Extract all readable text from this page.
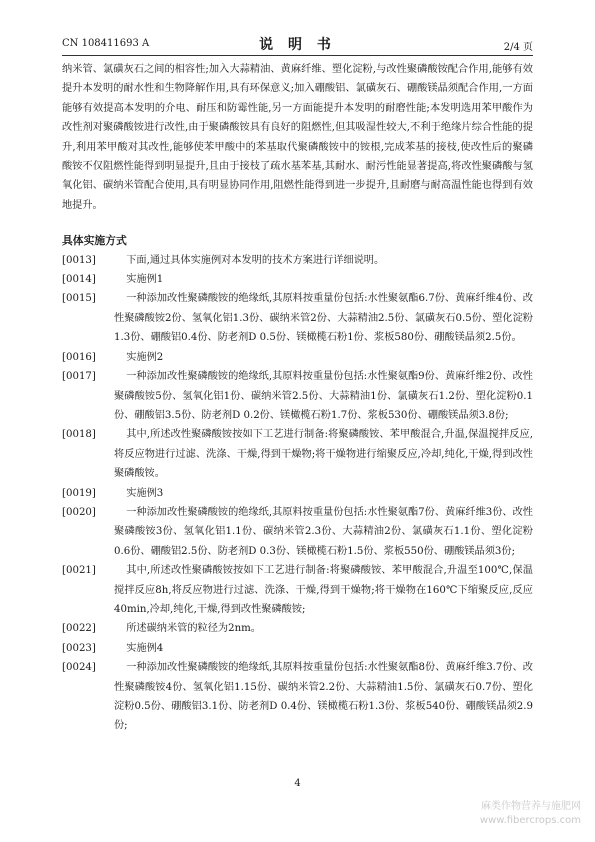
CN 108411693 A	说 明 书	2/4 页

纳米管、氯磺灰石之间的相容性;加入大蒜精油、黄麻纤维、塑化淀粉,与改性聚磷酸铵配合作用,能够有效提升本发明的耐水性和生物降解作用,具有环保意义;加入硼酸铝、氯磺灰石、硼酸镁晶须配合作用,一方面能够有效提高本发明的介电、耐压和防霉性能,另一方面能提升本发明的耐磨性能;本发明选用苯甲酸作为改性剂对聚磷酸铵进行改性,由于聚磷酸铵具有良好的阻燃性,但其吸湿性较大,不利于绝缘片综合性能的提升,利用苯甲酸对其改性,能够使苯甲酸中的苯基取代聚磷酸铵中的铵根,完成苯基的接枝,使改性后的聚磷酸铵不仅阻燃性能得到明显提升,且由于接枝了疏水基苯基,其耐水、耐污性能显著提高,将改性聚磷酸与氢氧化铝、碳纳米管配合使用,具有明显协同作用,阻燃性能得到进一步提升,且耐磨与耐高温性能也得到有效地提升。

具体实施方式
[0013]	下面,通过具体实施例对本发明的技术方案进行详细说明。

[0014]	实施例1

[0015]	一种添加改性聚磷酸铵的绝缘纸,其原料按重量份包括:水性聚氨酯6.7份、黄麻纤维4份、改性聚磷酸铵2份、氢氧化铝1.3份、碳纳米管2份、大蒜精油2.5份、氯磺灰石0.5份、塑化淀粉1.3份、硼酸铝0.4份、防老剂D 0.5份、镁橄榄石粉1份、浆板580份、硼酸镁晶须2.5份。

[0016]	实施例2

[0017]	一种添加改性聚磷酸铵的绝缘纸,其原料按重量份包括:水性聚氨酯9份、黄麻纤维2份、改性聚磷酸铵5份、氢氧化铝1份、碳纳米管2.5份、大蒜精油1份、氯磺灰石1.2份、塑化淀粉0.1份、硼酸铝3.5份、防老剂D 0.2份、镁橄榄石粉1.7份、浆板530份、硼酸镁晶须3.8份;

[0018]	其中,所述改性聚磷酸铵按如下工艺进行制备:将聚磷酸铵、苯甲酸混合,升温,保温搅拌反应,将反应物进行过滤、洗涤、干燥,得到干燥物;将干燥物进行缩聚反应,冷却,纯化,干燥,得到改性聚磷酸铵。

[0019]	实施例3

[0020]	一种添加改性聚磷酸铵的绝缘纸,其原料按重量份包括:水性聚氨酯7份、黄麻纤维3份、改性聚磷酸铵3份、氢氧化铝1.1份、碳纳米管2.3份、大蒜精油2份、氯磺灰石1.1份、塑化淀粉0.6份、硼酸铝2.5份、防老剂D 0.3份、镁橄榄石粉1.5份、浆板550份、硼酸镁晶须3份;

[0021]	其中,所述改性聚磷酸铵按如下工艺进行制备:将聚磷酸铵、苯甲酸混合,升温至100℃,保温搅拌反应8h,将反应物进行过滤、洗涤、干燥,得到干燥物;将干燥物在160℃下缩聚反应,反应40min,冷却,纯化,干燥,得到改性聚磷酸铵;

[0022]	所述碳纳米管的粒径为2nm。

[0023]	实施例4

[0024]	一种添加改性聚磷酸铵的绝缘纸,其原料按重量份包括:水性聚氨酯8份、黄麻纤维3.7份、改性聚磷酸铵4份、氢氧化铝1.15份、碳纳米管2.2份、大蒜精油1.5份、氯磺灰石0.7份、塑化淀粉0.5份、硼酸铝3.1份、防老剂D 0.4份、镁橄榄石粉1.3份、浆板540份、硼酸镁晶须2.9份;

4
麻类作物营养与施肥网
www.fibercrops.com
